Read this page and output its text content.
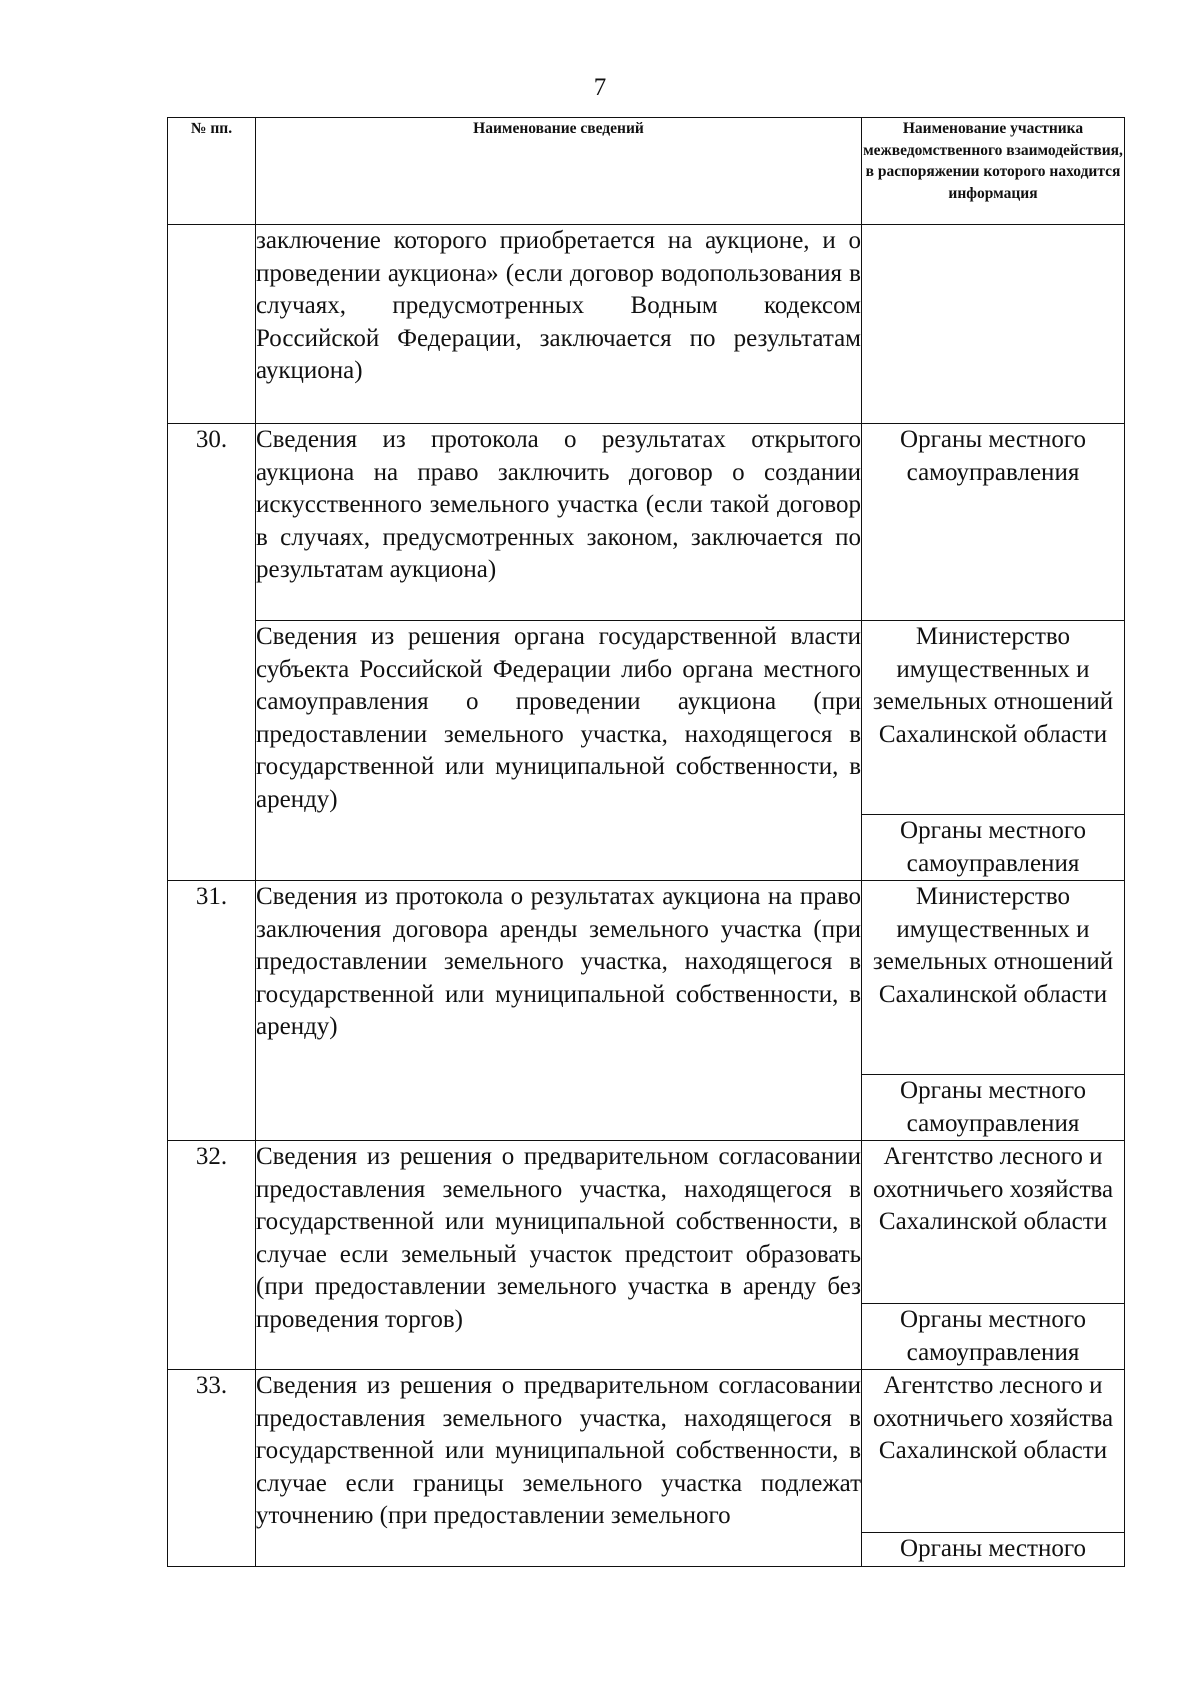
7
№ пп.	Наименование сведений	Наименование участника межведомственного взаимодействия, в распоряжении которого находится информация
	заключение которого приобретается на аукционе, и о проведении аукциона» (если договор водопользования в случаях, предусмотренных Водным кодексом Российской Федерации, заключается по результатам аукциона)	
30.	Сведения из протокола о результатах открытого аукциона на право заключить договор о создании искусственного земельного участка (если такой договор в случаях, предусмотренных законом, заключается по результатам аукциона)	Органы местного самоуправления
	Сведения из решения органа государственной власти субъекта Российской Федерации либо органа местного самоуправления о проведении аукциона (при предоставлении земельного участка, находящегося в государственной или муниципальной собственности, в аренду)	Министерство имущественных и земельных отношений Сахалинской области
		Органы местного самоуправления
31.	Сведения из протокола о результатах аукциона на право заключения договора аренды земельного участка (при предоставлении земельного участка, находящегося в государственной или муниципальной собственности, в аренду)	Министерство имущественных и земельных отношений Сахалинской области
		Органы местного самоуправления
32.	Сведения из решения о предварительном согласовании предоставления земельного участка, находящегося в государственной или муниципальной собственности, в случае если земельный участок предстоит образовать (при предоставлении земельного участка в аренду без проведения торгов)	Агентство лесного и охотничьего хозяйства Сахалинской области
		Органы местного самоуправления
33.	Сведения из решения о предварительном согласовании предоставления земельного участка, находящегося в государственной или муниципальной собственности, в случае если границы земельного участка подлежат уточнению (при предоставлении земельного	Агентство лесного и охотничьего хозяйства Сахалинской области
		Органы местного
